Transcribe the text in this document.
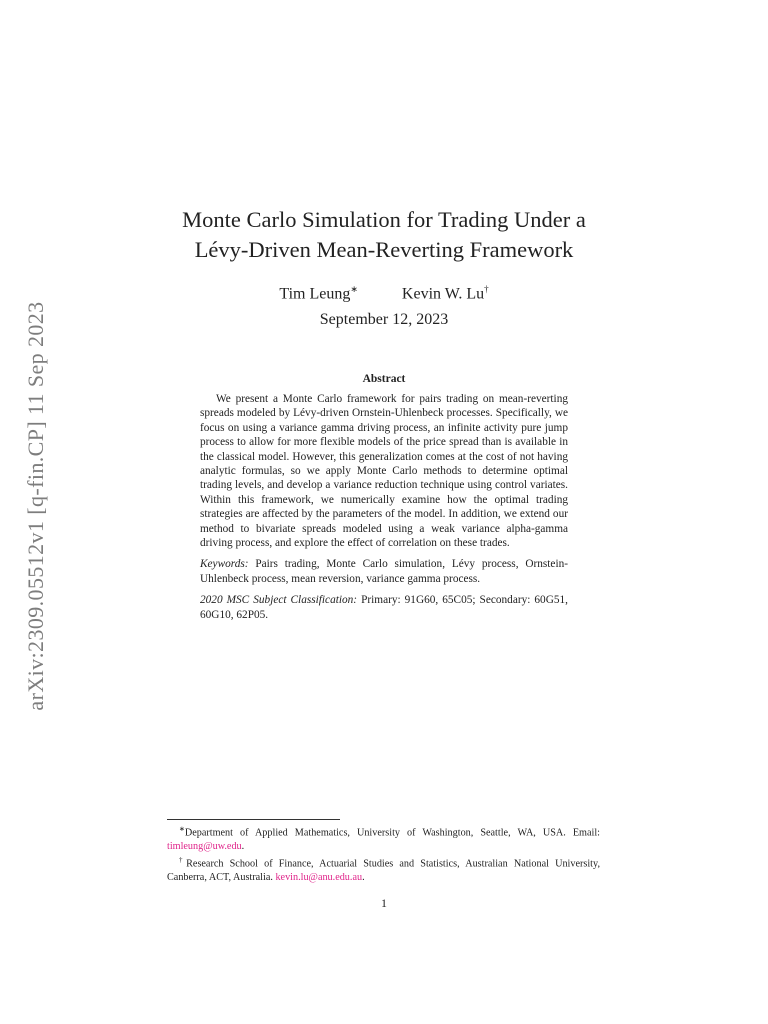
arXiv:2309.05512v1 [q-fin.CP] 11 Sep 2023
Monte Carlo Simulation for Trading Under a
Lévy-Driven Mean-Reverting Framework
Tim Leung∗	Kevin W. Lu†
September 12, 2023
Abstract

We present a Monte Carlo framework for pairs trading on mean-reverting spreads modeled by Lévy-driven Ornstein-Uhlenbeck processes. Specifically, we focus on using a variance gamma driving process, an infinite activity pure jump process to allow for more flexible models of the price spread than is available in the classical model. However, this generalization comes at the cost of not having analytic formulas, so we apply Monte Carlo methods to determine optimal trading levels, and develop a variance reduction technique using control variates. Within this framework, we numerically examine how the optimal trading strategies are affected by the parameters of the model. In addition, we extend our method to bivariate spreads modeled using a weak variance alpha-gamma driving process, and explore the effect of correlation on these trades.

Keywords: Pairs trading, Monte Carlo simulation, Lévy process, Ornstein-Uhlenbeck process, mean reversion, variance gamma process.

2020 MSC Subject Classification: Primary: 91G60, 65C05; Secondary: 60G51, 60G10, 62P05.

∗Department of Applied Mathematics, University of Washington, Seattle, WA, USA. Email: timleung@uw.edu.

†Research School of Finance, Actuarial Studies and Statistics, Australian National University, Canberra, ACT, Australia. kevin.lu@anu.edu.au.

1
